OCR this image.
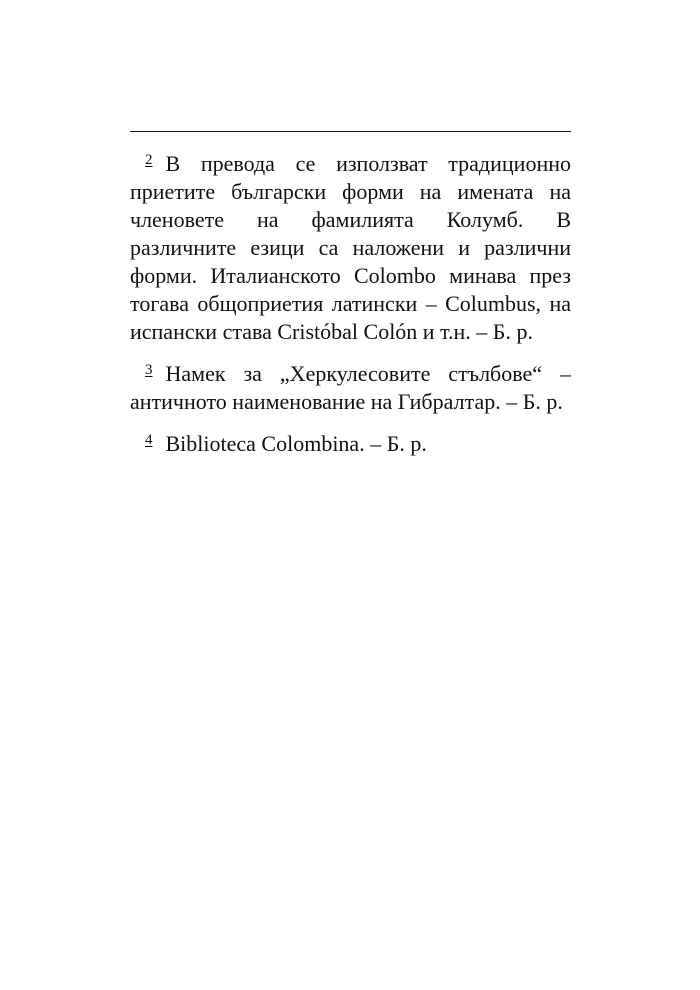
2 В превода се използват традиционно приетите български форми на имената на членовете на фамилията Колумб. В различните езици са наложени и различни форми. Италианското Colombo минава през тогава общоприетия латински – Columbus, на испански става Cristóbal Colón и т.н. – Б. р.

3 Намек за „Херкулесовите стълбове“ – античното наименование на Гибралтар. – Б. р.

4 Biblioteca Colombina. – Б. р.
